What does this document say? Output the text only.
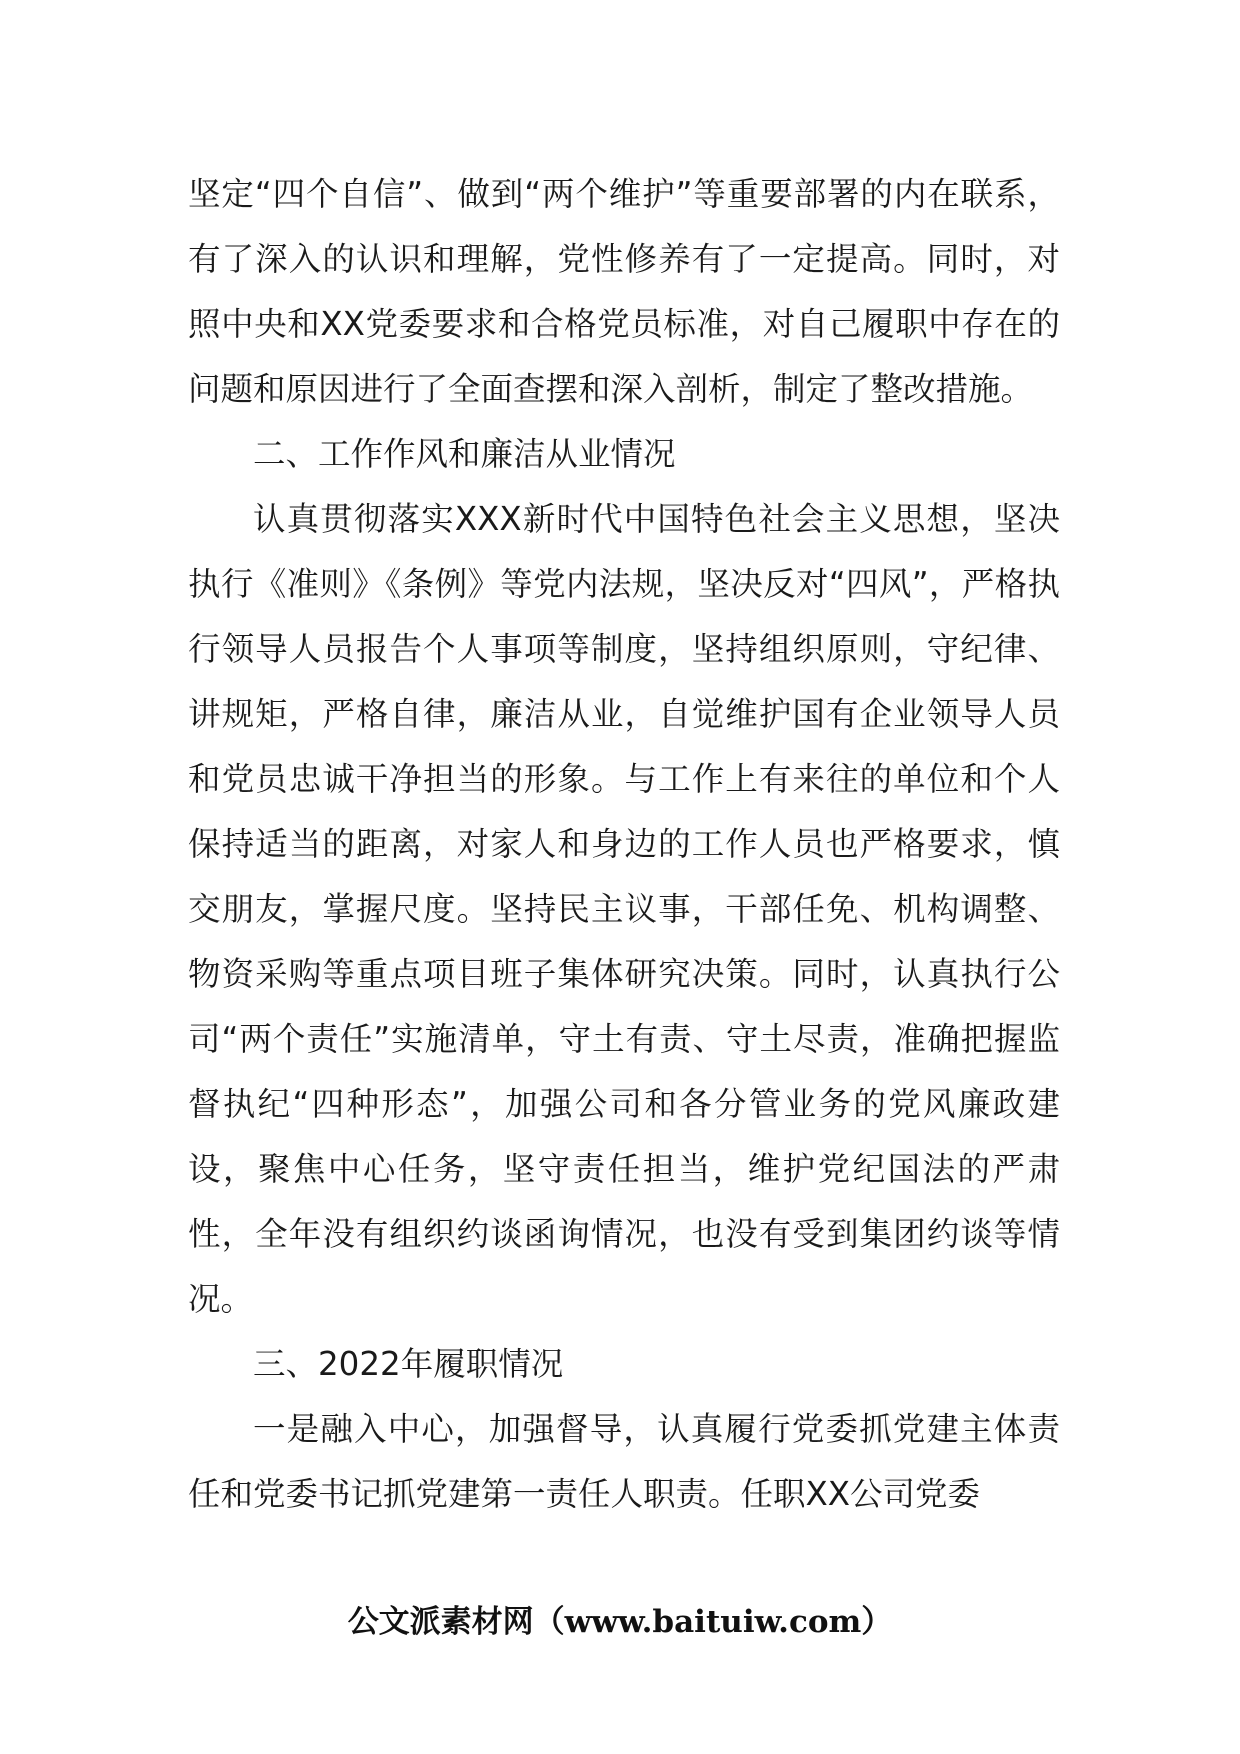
坚定“四个自信”、做到“两个维护”等重要部署的内在联系，有了深入的认识和理解，党性修养有了一定提高。同时，对照中央和XX党委要求和合格党员标准，对自己履职中存在的问题和原因进行了全面查摆和深入剖析，制定了整改措施。

二、工作作风和廉洁从业情况

认真贯彻落实XXX新时代中国特色社会主义思想，坚决执行《准则》《条例》等党内法规，坚决反对“四风”，严格执行领导人员报告个人事项等制度，坚持组织原则，守纪律、讲规矩，严格自律，廉洁从业，自觉维护国有企业领导人员和党员忠诚干净担当的形象。与工作上有来往的单位和个人保持适当的距离，对家人和身边的工作人员也严格要求，慎交朋友，掌握尺度。坚持民主议事，干部任免、机构调整、物资采购等重点项目班子集体研究决策。同时，认真执行公司“两个责任”实施清单，守土有责、守土尽责，准确把握监督执纪“四种形态”，加强公司和各分管业务的党风廉政建设，聚焦中心任务，坚守责任担当，维护党纪国法的严肃性，全年没有组织约谈函询情况，也没有受到集团约谈等情况。

三、2022年履职情况

一是融入中心，加强督导，认真履行党委抓党建主体责任和党委书记抓党建第一责任人职责。任职XX公司党委

公文派素材网（www.baituiw.com）
